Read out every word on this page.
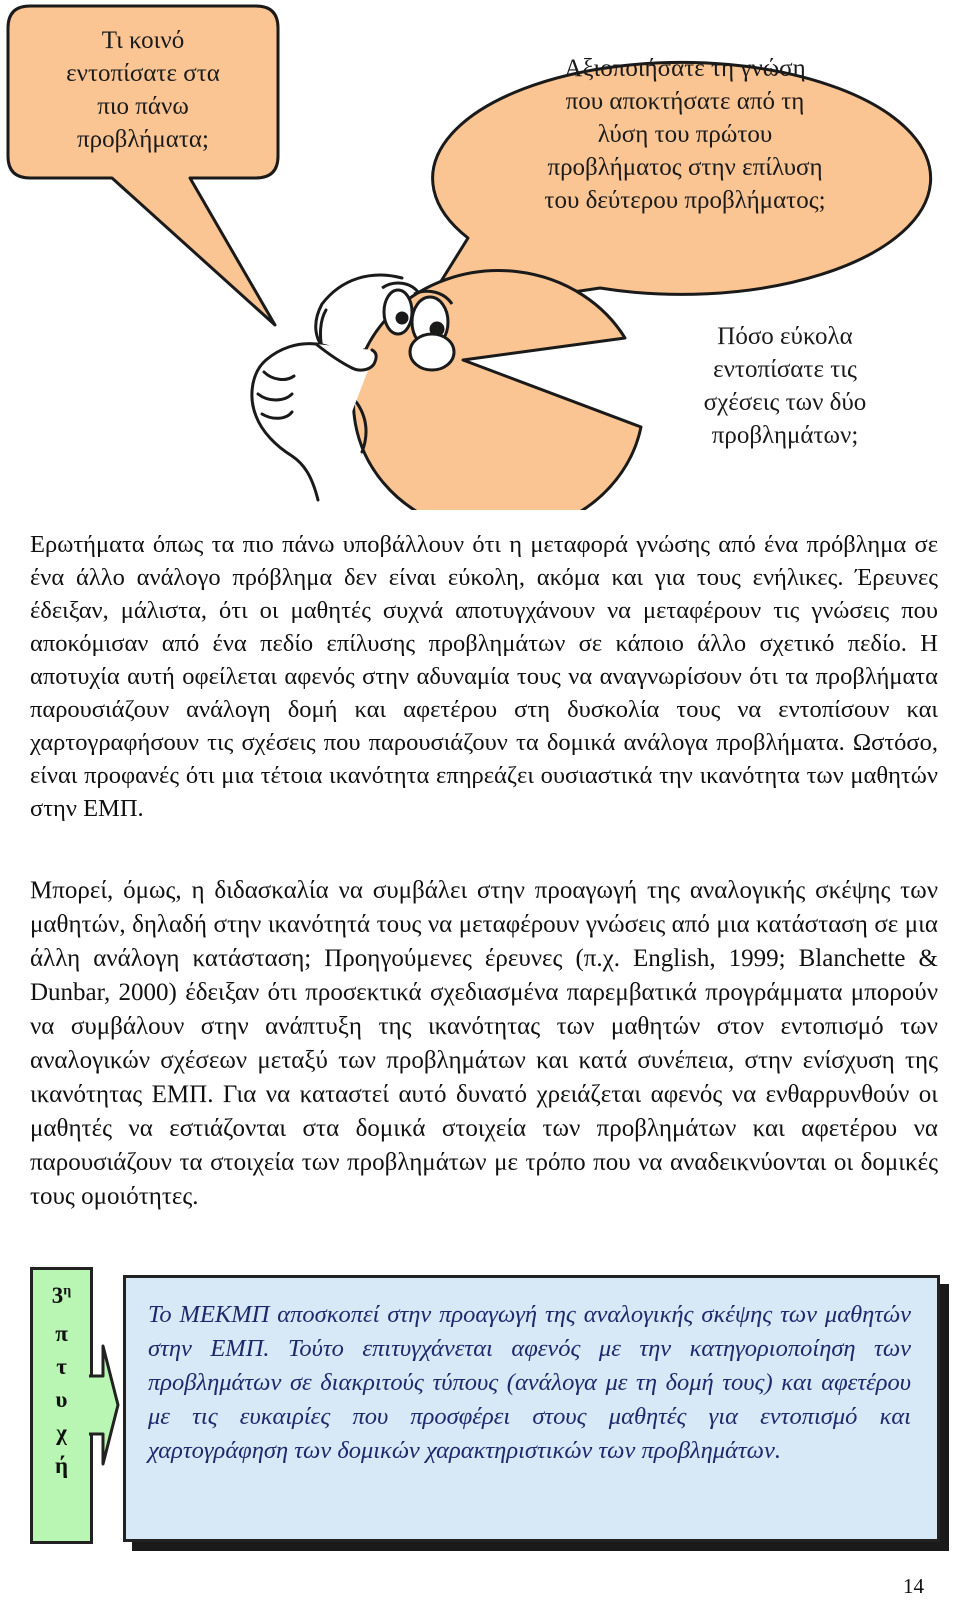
Τι κοινό
εντοπίσατε στα
πιο πάνω
προβλήματα;
Αξιοποιήσατε τη γνώση
που αποκτήσατε από τη
λύση του πρώτου
προβλήματος στην επίλυση
του δεύτερου προβλήματος;
Πόσο εύκολα
εντοπίσατε τις
σχέσεις των δύο
προβλημάτων;

Ερωτήματα όπως τα πιο πάνω υποβάλλουν ότι η μεταφορά γνώσης από ένα πρόβλημα σε ένα άλλο ανάλογο πρόβλημα δεν είναι εύκολη, ακόμα και για τους ενήλικες. Έρευνες έδειξαν, μάλιστα, ότι οι μαθητές συχνά αποτυγχάνουν να μεταφέρουν τις γνώσεις που αποκόμισαν από ένα πεδίο επίλυσης προβλημάτων σε κάποιο άλλο σχετικό πεδίο. Η αποτυχία αυτή οφείλεται αφενός στην αδυναμία τους να αναγνωρίσουν ότι τα προβλήματα παρουσιάζουν ανάλογη δομή και αφετέρου στη δυσκολία τους να εντοπίσουν και χαρτογραφήσουν τις σχέσεις που παρουσιάζουν τα δομικά ανάλογα προβλήματα. Ωστόσο, είναι προφανές ότι μια τέτοια ικανότητα επηρεάζει ουσιαστικά την ικανότητα των μαθητών στην ΕΜΠ.

Μπορεί, όμως, η διδασκαλία να συμβάλει στην προαγωγή της αναλογικής σκέψης των μαθητών, δηλαδή στην ικανότητά τους να μεταφέρουν γνώσεις από μια κατάσταση σε μια άλλη ανάλογη κατάσταση; Προηγούμενες έρευνες (π.χ. English, 1999; Blanchette & Dunbar, 2000) έδειξαν ότι προσεκτικά σχεδιασμένα παρεμβατικά προγράμματα μπορούν να συμβάλουν στην ανάπτυξη της ικανότητας των μαθητών στον εντοπισμό των αναλογικών σχέσεων μεταξύ των προβλημάτων και κατά συνέπεια, στην ενίσχυση της ικανότητας ΕΜΠ. Για να καταστεί αυτό δυνατό χρειάζεται αφενός να ενθαρρυνθούν οι μαθητές να εστιάζονται στα δομικά στοιχεία των προβλημάτων και αφετέρου να παρουσιάζουν τα στοιχεία των προβλημάτων με τρόπο που να αναδεικνύονται οι δομικές τους ομοιότητες.

$3^\eta$
π
τ
υ
χ
ή

Το ΜΕΚΜΠ αποσκοπεί στην προαγωγή της αναλογικής σκέψης των μαθητών στην ΕΜΠ. Τούτο επιτυγχάνεται αφενός με την κατηγοριοποίηση των προβλημάτων σε διακριτούς τύπους (ανάλογα με τη δομή τους) και αφετέρου με τις ευκαιρίες που προσφέρει στους μαθητές για εντοπισμό και χαρτογράφηση των δομικών χαρακτηριστικών των προβλημάτων.

14
